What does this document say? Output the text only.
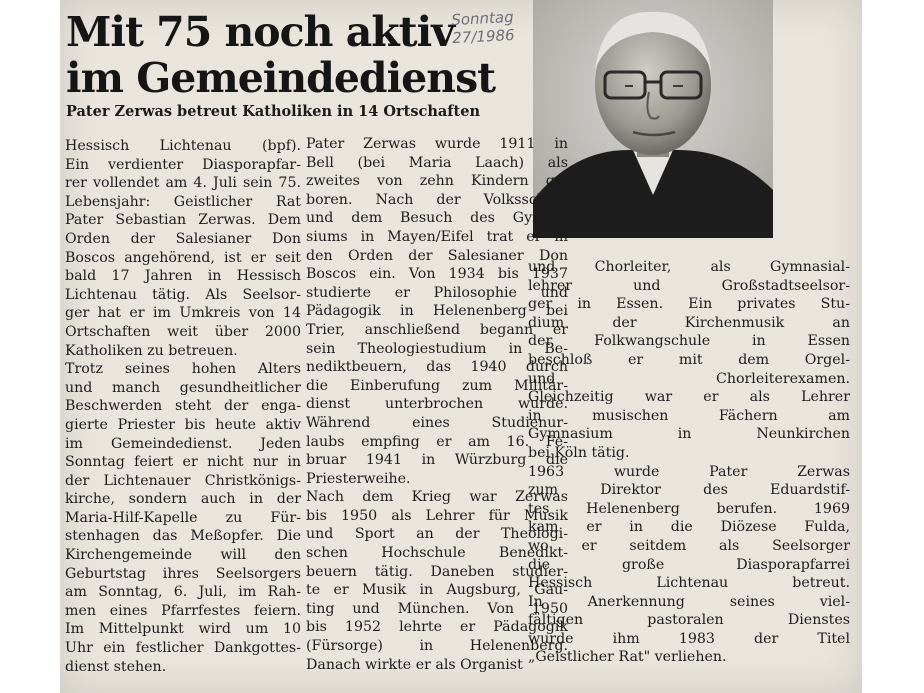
Mit 75 noch aktiv
im Gemeindedienst
Sonntag
27/1986
Pater Zerwas betreut Katholiken in 14 Ortschaften
Hessisch Lichtenau (bpf).
Ein verdienter Diasporapfar-
rer vollendet am 4. Juli sein 75.
Lebensjahr: Geistlicher Rat
Pater Sebastian Zerwas. Dem
Orden der Salesianer Don
Boscos angehörend, ist er seit
bald 17 Jahren in Hessisch
Lichtenau tätig. Als Seelsor-
ger hat er im Umkreis von 14
Ortschaften weit über 2000
Katholiken zu betreuen.
Trotz seines hohen Alters
und manch gesundheitlicher
Beschwerden steht der enga-
gierte Priester bis heute aktiv
im Gemeindedienst. Jeden
Sonntag feiert er nicht nur in
der Lichtenauer Christkönigs-
kirche, sondern auch in der
Maria-Hilf-Kapelle zu Für-
stenhagen das Meßopfer. Die
Kirchengemeinde will den
Geburtstag ihres Seelsorgers
am Sonntag, 6. Juli, im Rah-
men eines Pfarrfestes feiern.
Im Mittelpunkt wird um 10
Uhr ein festlicher Dankgottes-
dienst stehen.
Pater Zerwas wurde 1911 in
Bell (bei Maria Laach) als
zweites von zehn Kindern ge-
boren. Nach der Volksschule
und dem Besuch des Gymna-
siums in Mayen/Eifel trat er in
den Orden der Salesianer Don
Boscos ein. Von 1934 bis 1937
studierte er Philosophie und
Pädagogik in Helenenberg bei
Trier, anschließend begann er
sein Theologiestudium in Be-
nediktbeuern, das 1940 durch
die Einberufung zum Militär-
dienst unterbrochen wurde.
Während eines Studienur-
laubs empfing er am 16. Fe-
bruar 1941 in Würzburg die
Priesterweihe.
Nach dem Krieg war Zerwas
bis 1950 als Lehrer für Musik
und Sport an der Theologi-
schen Hochschule Benedikt-
beuern tätig. Daneben studier-
te er Musik in Augsburg, Gau-
ting und München. Von 1950
bis 1952 lehrte er Pädagogik
(Fürsorge) in Helenenberg.
Danach wirkte er als Organist
und Chorleiter, als Gymnasial-
lehrer und Großstadtseelsor-
ger in Essen. Ein privates Stu-
dium der Kirchenmusik an
der Folkwangschule in Essen
beschloß er mit dem Orgel-
und Chorleiterexamen.
Gleichzeitig war er als Lehrer
in musischen Fächern am
Gymnasium in Neunkirchen
bei Köln tätig.
1963 wurde Pater Zerwas
zum Direktor des Eduardstif-
tes Helenenberg berufen. 1969
kam er in die Diözese Fulda,
wo er seitdem als Seelsorger
die große Diasporapfarrei
Hessisch Lichtenau betreut.
In Anerkennung seines viel-
fältigen pastoralen Dienstes
wurde ihm 1983 der Titel
„Geistlicher Rat" verliehen.
